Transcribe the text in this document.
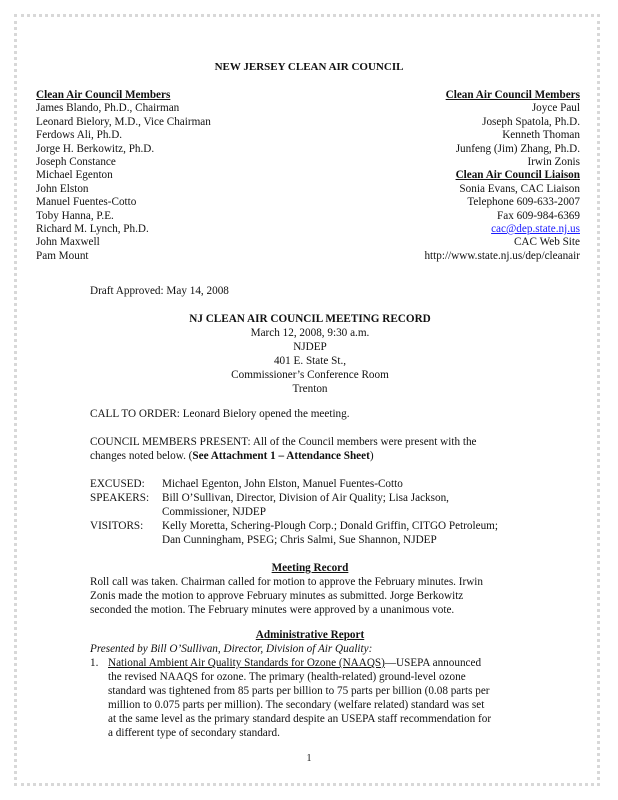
NEW JERSEY CLEAN AIR COUNCIL
Clean Air Council Members
James Blando, Ph.D., Chairman
Leonard Bielory, M.D., Vice Chairman
Ferdows Ali, Ph.D.
Jorge H. Berkowitz, Ph.D.
Joseph Constance
Michael Egenton
John Elston
Manuel Fuentes-Cotto
Toby Hanna, P.E.
Richard M. Lynch, Ph.D.
John Maxwell
Pam Mount
Clean Air Council Members
Joyce Paul
Joseph Spatola, Ph.D.
Kenneth Thoman
Junfeng (Jim) Zhang, Ph.D.
Irwin Zonis
Clean Air Council Liaison
Sonia Evans, CAC Liaison
Telephone 609-633-2007
Fax 609-984-6369
cac@dep.state.nj.us
CAC Web Site
http://www.state.nj.us/dep/cleanair
Draft Approved: May 14, 2008
NJ CLEAN AIR COUNCIL MEETING RECORD
March 12, 2008, 9:30 a.m.
NJDEP
401 E. State St.,
Commissioner’s Conference Room
Trenton
CALL TO ORDER: Leonard Bielory opened the meeting.
COUNCIL MEMBERS PRESENT: All of the Council members were present with the
changes noted below. (See Attachment 1 – Attendance Sheet)
EXCUSED: Michael Egenton, John Elston, Manuel Fuentes-Cotto
SPEAKERS: Bill O’Sullivan, Director, Division of Air Quality; Lisa Jackson,
Commissioner, NJDEP
VISITORS: Kelly Moretta, Schering-Plough Corp.; Donald Griffin, CITGO Petroleum;
Dan Cunningham, PSEG; Chris Salmi, Sue Shannon, NJDEP
Meeting Record
Roll call was taken. Chairman called for motion to approve the February minutes. Irwin
Zonis made the motion to approve February minutes as submitted. Jorge Berkowitz
seconded the motion. The February minutes were approved by a unanimous vote.
Administrative Report
Presented by Bill O’Sullivan, Director, Division of Air Quality:
1. National Ambient Air Quality Standards for Ozone (NAAQS)—USEPA announced
the revised NAAQS for ozone. The primary (health-related) ground-level ozone
standard was tightened from 85 parts per billion to 75 parts per billion (0.08 parts per
million to 0.075 parts per million). The secondary (welfare related) standard was set
at the same level as the primary standard despite an USEPA staff recommendation for
a different type of secondary standard.
1
